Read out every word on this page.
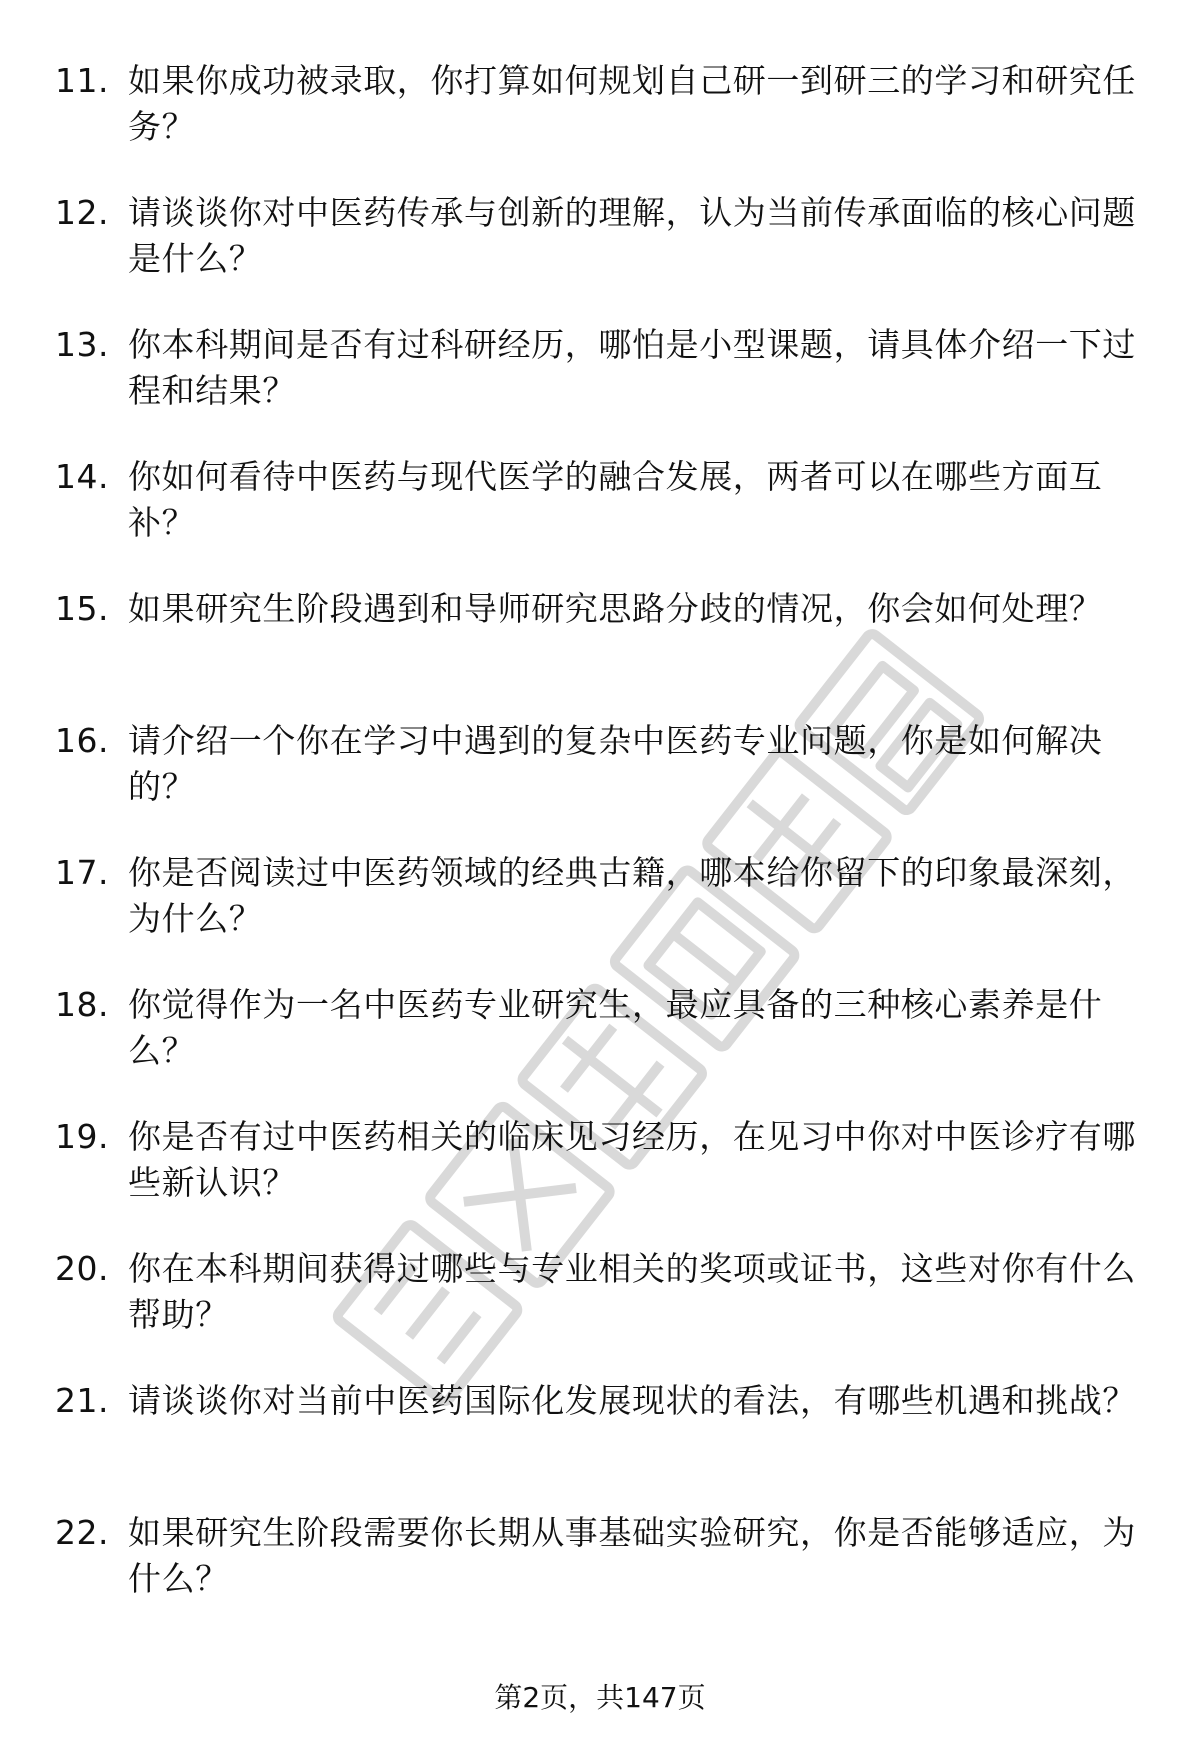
11. 如果你成功被录取，你打算如何规划自己研一到研三的学习和研究任务？
12. 请谈谈你对中医药传承与创新的理解，认为当前传承面临的核心问题是什么？
13. 你本科期间是否有过科研经历，哪怕是小型课题，请具体介绍一下过程和结果？
14. 你如何看待中医药与现代医学的融合发展，两者可以在哪些方面互补？
15. 如果研究生阶段遇到和导师研究思路分歧的情况，你会如何处理？
16. 请介绍一个你在学习中遇到的复杂中医药专业问题，你是如何解决的？
17. 你是否阅读过中医药领域的经典古籍，哪本给你留下的印象最深刻，为什么？
18. 你觉得作为一名中医药专业研究生，最应具备的三种核心素养是什么？
19. 你是否有过中医药相关的临床见习经历，在见习中你对中医诊疗有哪些新认识？
20. 你在本科期间获得过哪些与专业相关的奖项或证书，这些对你有什么帮助？
21. 请谈谈你对当前中医药国际化发展现状的看法，有哪些机遇和挑战？
22. 如果研究生阶段需要你长期从事基础实验研究，你是否能够适应，为什么？
第2页，共147页
